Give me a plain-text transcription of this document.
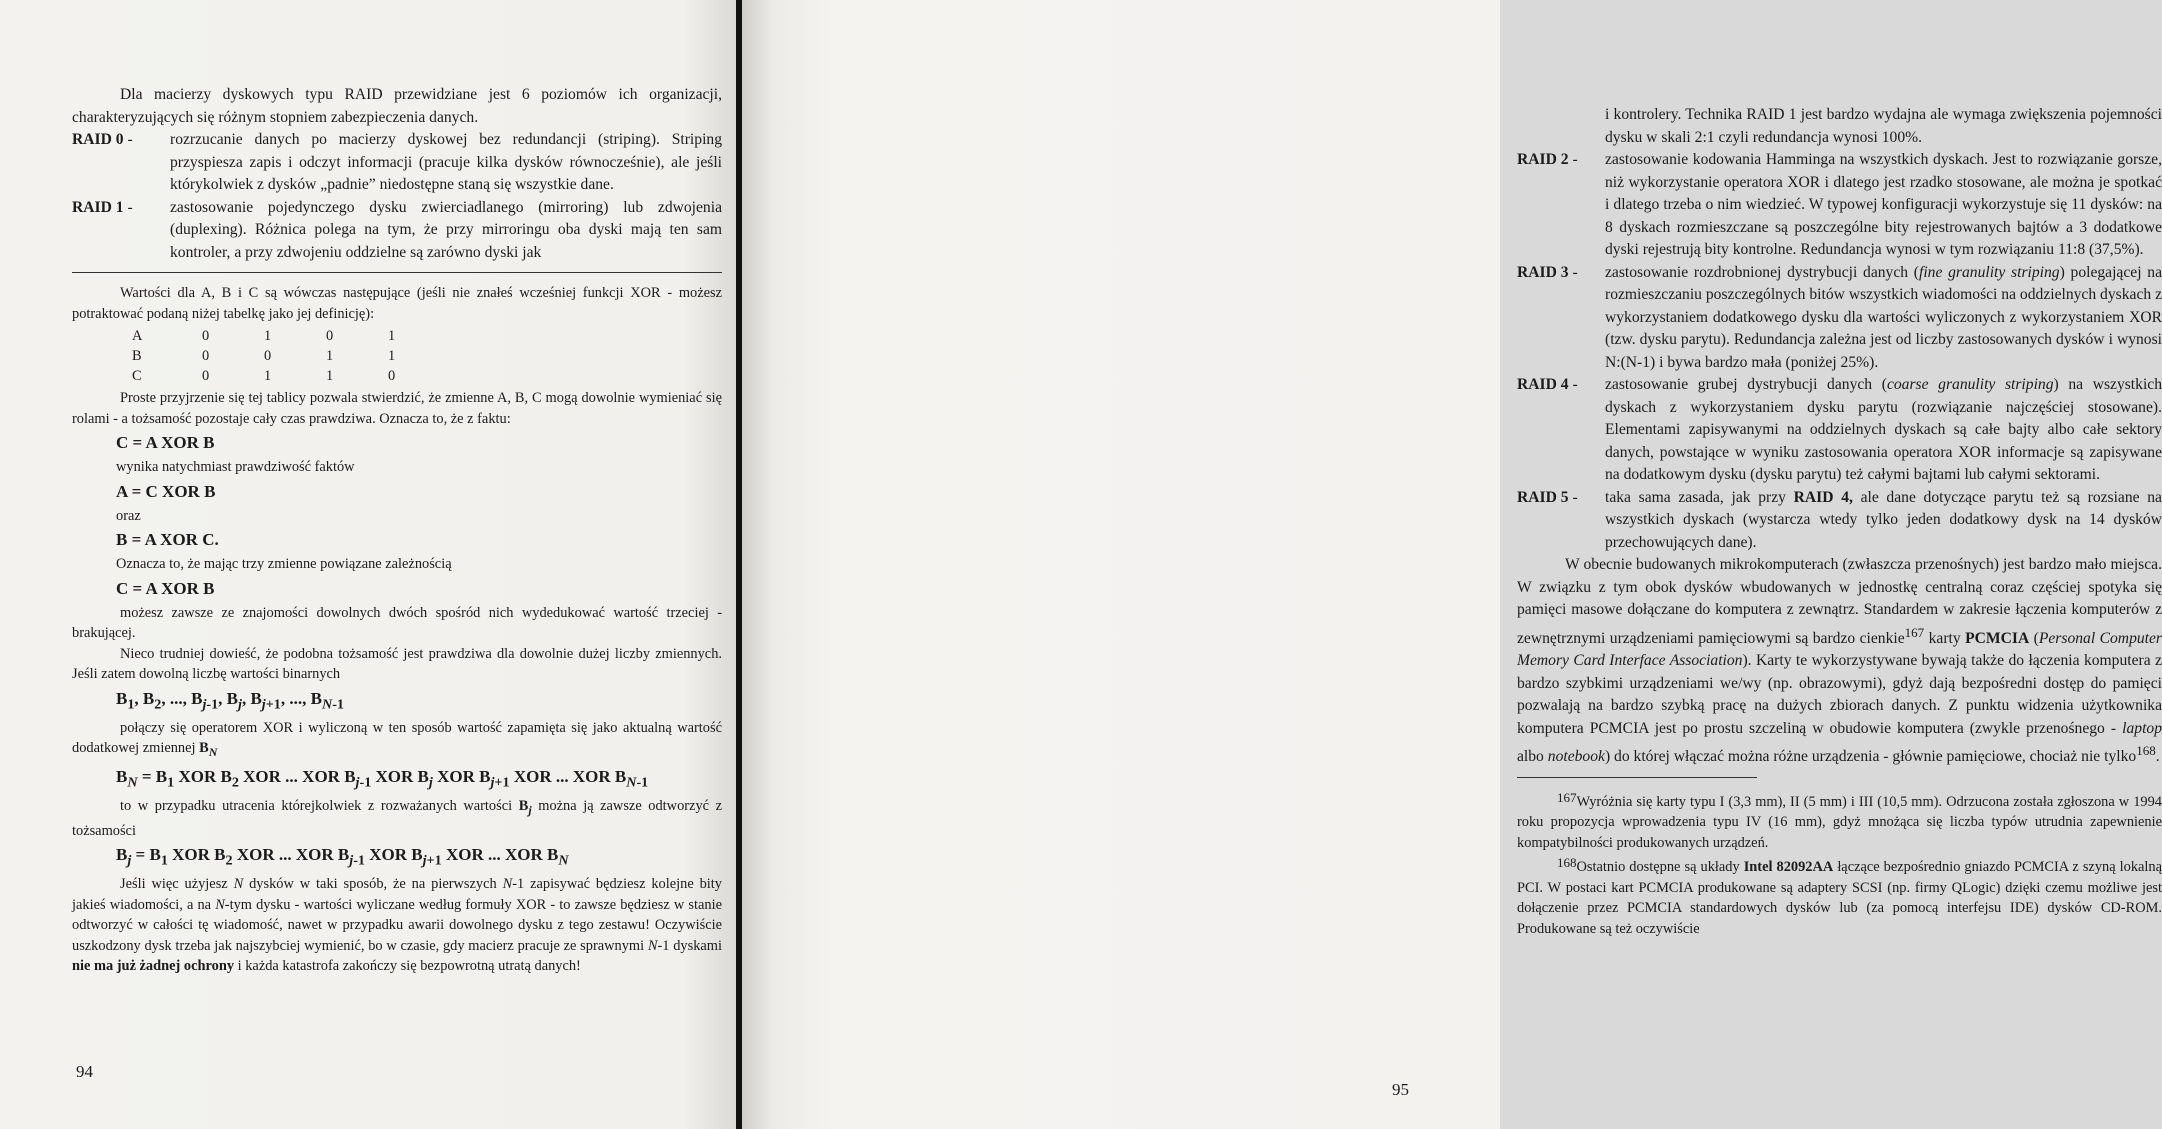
Dla macierzy dyskowych typu RAID przewidziane jest 6 poziomów ich organizacji, charakteryzujących się różnym stopniem zabezpieczenia danych.

RAID 0 - rozrzucanie danych po macierzy dyskowej bez redundancji (striping). Striping przyspiesza zapis i odczyt informacji (pracuje kilka dysków równocześnie), ale jeśli którykolwiek z dysków „padnie” niedostępne staną się wszystkie dane.
RAID 1 - zastosowanie pojedynczego dysku zwierciadlanego (mirroring) lub zdwojenia (duplexing). Różnica polega na tym, że przy mirroringu oba dyski mają ten sam kontroler, a przy zdwojeniu oddzielne są zarówno dyski jak

Wartości dla A, B i C są wówczas następujące (jeśli nie znałeś wcześniej funkcji XOR - możesz potraktować podaną niżej tabelkę jako jej definicję):

A	0	1	0	1
B	0	0	1	1
C	0	1	1	0

Proste przyjrzenie się tej tablicy pozwala stwierdzić, że zmienne A, B, C mogą dowolnie wymieniać się rolami - a tożsamość pozostaje cały czas prawdziwa. Oznacza to, że z faktu:

C = A XOR B

wynika natychmiast prawdziwość faktów

A = C XOR B

oraz

B = A XOR C.

Oznacza to, że mając trzy zmienne powiązane zależnością

C = A XOR B

możesz zawsze ze znajomości dowolnych dwóch spośród nich wydedukować wartość trzeciej - brakującej.

Nieco trudniej dowieść, że podobna tożsamość jest prawdziwa dla dowolnie dużej liczby zmiennych. Jeśli zatem dowolną liczbę wartości binarnych

$B_1$, $B_2$, ..., $B_{j-1}$, $B_j$, $B_{j+1}$, ..., $B_{N-1}$

połączy się operatorem XOR i wyliczoną w ten sposób wartość zapamięta się jako aktualną wartość dodatkowej zmiennej $B_N$

$B_N = B_1$ XOR $B_2$ XOR ... XOR $B_{j-1}$ XOR $B_j$ XOR $B_{j+1}$ XOR ... XOR $B_{N-1}$

to w przypadku utracenia którejkolwiek z rozważanych wartości $B_j$ można ją zawsze odtworzyć z tożsamości

$B_j = B_1$ XOR $B_2$ XOR ... XOR $B_{j-1}$ XOR $B_{j+1}$ XOR ... XOR $B_N$

Jeśli więc użyjesz N dysków w taki sposób, że na pierwszych N-1 zapisywać będziesz kolejne bity jakieś wiadomości, a na N-tym dysku - wartości wyliczane według formuły XOR - to zawsze będziesz w stanie odtworzyć w całości tę wiadomość, nawet w przypadku awarii dowolnego dysku z tego zestawu! Oczywiście uszkodzony dysk trzeba jak najszybciej wymienić, bo w czasie, gdy macierz pracuje ze sprawnymi N-1 dyskami nie ma już żadnej ochrony i każda katastrofa zakończy się bezpowrotną utratą danych!

94

i kontrolery. Technika RAID 1 jest bardzo wydajna ale wymaga zwiększenia pojemności dysku w skali 2:1 czyli redundancja wynosi 100%.

RAID 2 - zastosowanie kodowania Hamminga na wszystkich dyskach. Jest to rozwiązanie gorsze, niż wykorzystanie operatora XOR i dlatego jest rzadko stosowane, ale można je spotkać i dlatego trzeba o nim wiedzieć. W typowej konfiguracji wykorzystuje się 11 dysków: na 8 dyskach rozmieszczane są poszczególne bity rejestrowanych bajtów a 3 dodatkowe dyski rejestrują bity kontrolne. Redundancja wynosi w tym rozwiązaniu 11:8 (37,5%).
RAID 3 - zastosowanie rozdrobnionej dystrybucji danych (fine granulity striping) polegającej na rozmieszczaniu poszczególnych bitów wszystkich wiadomości na oddzielnych dyskach z wykorzystaniem dodatkowego dysku dla wartości wyliczonych z wykorzystaniem XOR (tzw. dysku parytu). Redundancja zależna jest od liczby zastosowanych dysków i wynosi N:(N-1) i bywa bardzo mała (poniżej 25%).
RAID 4 - zastosowanie grubej dystrybucji danych (coarse granulity striping) na wszystkich dyskach z wykorzystaniem dysku parytu (rozwiązanie najczęściej stosowane). Elementami zapisywanymi na oddzielnych dyskach są całe bajty albo całe sektory danych, powstające w wyniku zastosowania operatora XOR informacje są zapisywane na dodatkowym dysku (dysku parytu) też całymi bajtami lub całymi sektorami.
RAID 5 - taka sama zasada, jak przy RAID 4, ale dane dotyczące parytu też są rozsiane na wszystkich dyskach (wystarcza wtedy tylko jeden dodatkowy dysk na 14 dysków przechowujących dane).

W obecnie budowanych mikrokomputerach (zwłaszcza przenośnych) jest bardzo mało miejsca. W związku z tym obok dysków wbudowanych w jednostkę centralną coraz częściej spotyka się pamięci masowe dołączane do komputera z zewnątrz. Standardem w zakresie łączenia komputerów z zewnętrznymi urządzeniami pamięciowymi są bardzo cienkie$^{167}$ karty PCMCIA (Personal Computer Memory Card Interface Association). Karty te wykorzystywane bywają także do łączenia komputera z bardzo szybkimi urządzeniami we/wy (np. obrazowymi), gdyż dają bezpośredni dostęp do pamięci pozwalają na bardzo szybką pracę na dużych zbiorach danych. Z punktu widzenia użytkownika komputera PCMCIA jest po prostu szczeliną w obudowie komputera (zwykle przenośnego - laptop albo notebook) do której włączać można różne urządzenia - głównie pamięciowe, chociaż nie tylko$^{168}$.

167Wyróżnia się karty typu I (3,3 mm), II (5 mm) i III (10,5 mm). Odrzucona została zgłoszona w 1994 roku propozycja wprowadzenia typu IV (16 mm), gdyż mnożąca się liczba typów utrudnia zapewnienie kompatybilności produkowanych urządzeń.

168Ostatnio dostępne są układy Intel 82092AA łączące bezpośrednio gniazdo PCMCIA z szyną lokalną PCI. W postaci kart PCMCIA produkowane są adaptery SCSI (np. firmy QLogic) dzięki czemu możliwe jest dołączenie przez PCMCIA standardowych dysków lub (za pomocą interfejsu IDE) dysków CD-ROM. Produkowane są też oczywiście

95
